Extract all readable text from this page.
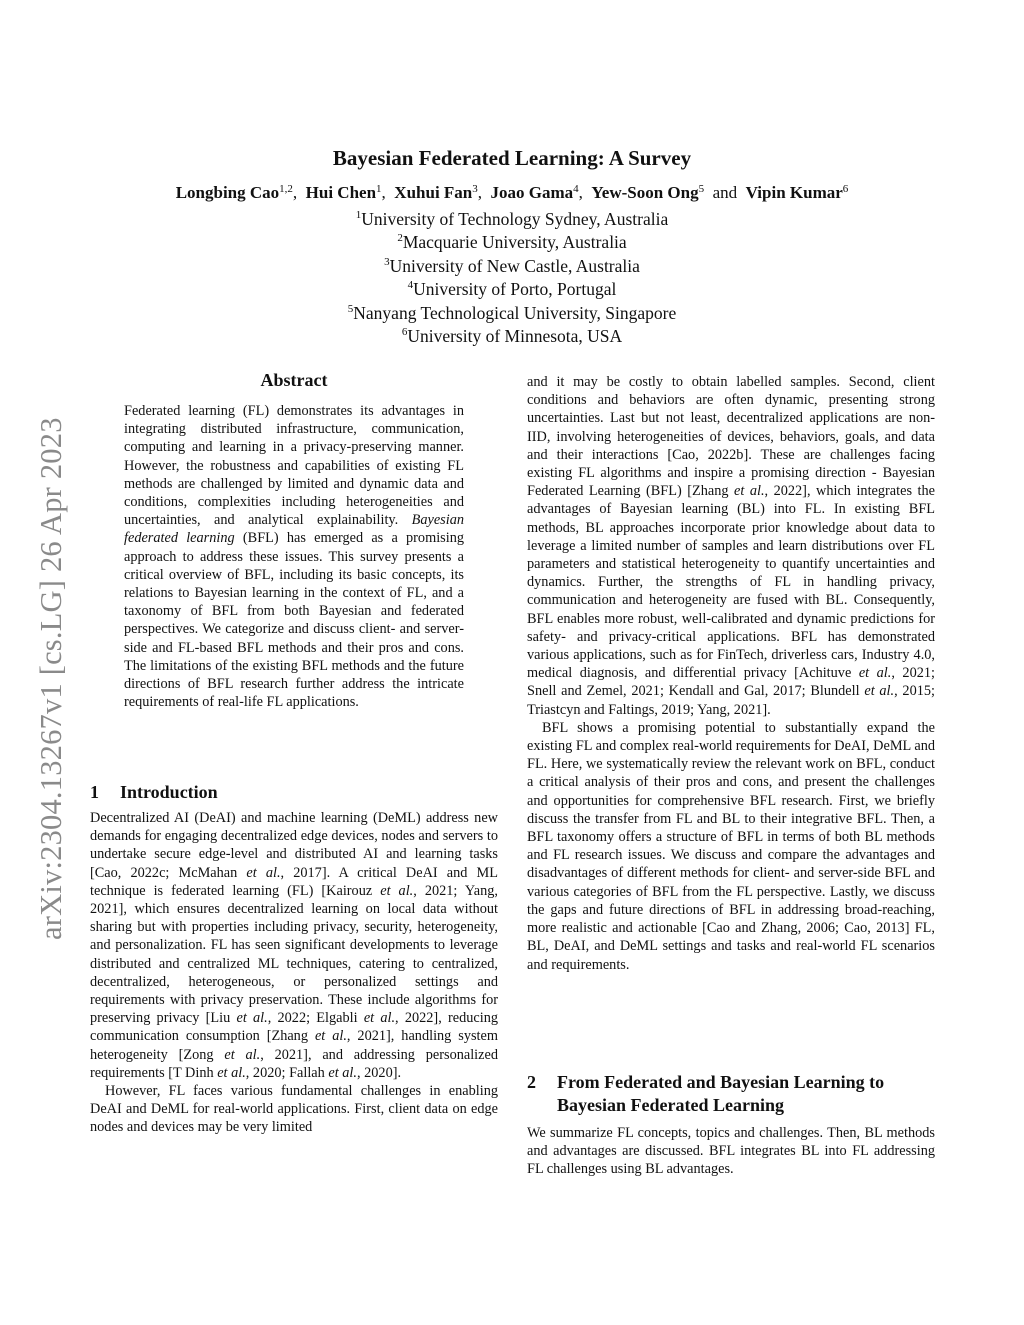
arXiv:2304.13267v1 [cs.LG] 26 Apr 2023
Bayesian Federated Learning: A Survey
Longbing Cao$^{1,2}$,  Hui Chen$^1$,  Xuhui Fan$^3$,  Joao Gama$^4$,  Yew-Soon Ong$^5$ and Vipin Kumar$^6$
$^1$University of Technology Sydney, Australia
$^2$Macquarie University, Australia
$^3$University of New Castle, Australia
$^4$University of Porto, Portugal
$^5$Nanyang Technological University, Singapore
$^6$University of Minnesota, USA
Abstract
Federated learning (FL) demonstrates its advantages in integrating distributed infrastructure, communication, computing and learning in a privacy-preserving manner. However, the robustness and capabilities of existing FL methods are challenged by limited and dynamic data and conditions, complexities including heterogeneities and uncertainties, and analytical explainability. Bayesian federated learning (BFL) has emerged as a promising approach to address these issues. This survey presents a critical overview of BFL, including its basic concepts, its relations to Bayesian learning in the context of FL, and a taxonomy of BFL from both Bayesian and federated perspectives. We categorize and discuss client- and server-side and FL-based BFL methods and their pros and cons. The limitations of the existing BFL methods and the future directions of BFL research further address the intricate requirements of real-life FL applications.
1 Introduction

Decentralized AI (DeAI) and machine learning (DeML) address new demands for engaging decentralized edge devices, nodes and servers to undertake secure edge-level and distributed AI and learning tasks [Cao, 2022c; McMahan et al., 2017]. A critical DeAI and ML technique is federated learning (FL) [Kairouz et al., 2021; Yang, 2021], which ensures decentralized learning on local data without sharing but with properties including privacy, security, heterogeneity, and personalization. FL has seen significant developments to leverage distributed and centralized ML techniques, catering to centralized, decentralized, heterogeneous, or personalized settings and requirements with privacy preservation. These include algorithms for preserving privacy [Liu et al., 2022; Elgabli et al., 2022], reducing communication consumption [Zhang et al., 2021], handling system heterogeneity [Zong et al., 2021], and addressing personalized requirements [T Dinh et al., 2020; Fallah et al., 2020].

However, FL faces various fundamental challenges in enabling DeAI and DeML for real-world applications. First, client data on edge nodes and devices may be very limited

and it may be costly to obtain labelled samples. Second, client conditions and behaviors are often dynamic, presenting strong uncertainties. Last but not least, decentralized applications are non-IID, involving heterogeneities of devices, behaviors, goals, and data and their interactions [Cao, 2022b]. These are challenges facing existing FL algorithms and inspire a promising direction - Bayesian Federated Learning (BFL) [Zhang et al., 2022], which integrates the advantages of Bayesian learning (BL) into FL. In existing BFL methods, BL approaches incorporate prior knowledge about data to leverage a limited number of samples and learn distributions over FL parameters and statistical heterogeneity to quantify uncertainties and dynamics. Further, the strengths of FL in handling privacy, communication and heterogeneity are fused with BL. Consequently, BFL enables more robust, well-calibrated and dynamic predictions for safety- and privacy-critical applications. BFL has demonstrated various applications, such as for FinTech, driverless cars, Industry 4.0, medical diagnosis, and differential privacy [Achituve et al., 2021; Snell and Zemel, 2021; Kendall and Gal, 2017; Blundell et al., 2015; Triastcyn and Faltings, 2019; Yang, 2021].

BFL shows a promising potential to substantially expand the existing FL and complex real-world requirements for DeAI, DeML and FL. Here, we systematically review the relevant work on BFL, conduct a critical analysis of their pros and cons, and present the challenges and opportunities for comprehensive BFL research. First, we briefly discuss the transfer from FL and BL to their integrative BFL. Then, a BFL taxonomy offers a structure of BFL in terms of both BL methods and FL research issues. We discuss and compare the advantages and disadvantages of different methods for client- and server-side BFL and various categories of BFL from the FL perspective. Lastly, we discuss the gaps and future directions of BFL in addressing broad-reaching, more realistic and actionable [Cao and Zhang, 2006; Cao, 2013] FL, BL, DeAI, and DeML settings and tasks and real-world FL scenarios and requirements.

2 From Federated and Bayesian Learning to
Bayesian Federated Learning

We summarize FL concepts, topics and challenges. Then, BL methods and advantages are discussed. BFL integrates BL into FL addressing FL challenges using BL advantages.
